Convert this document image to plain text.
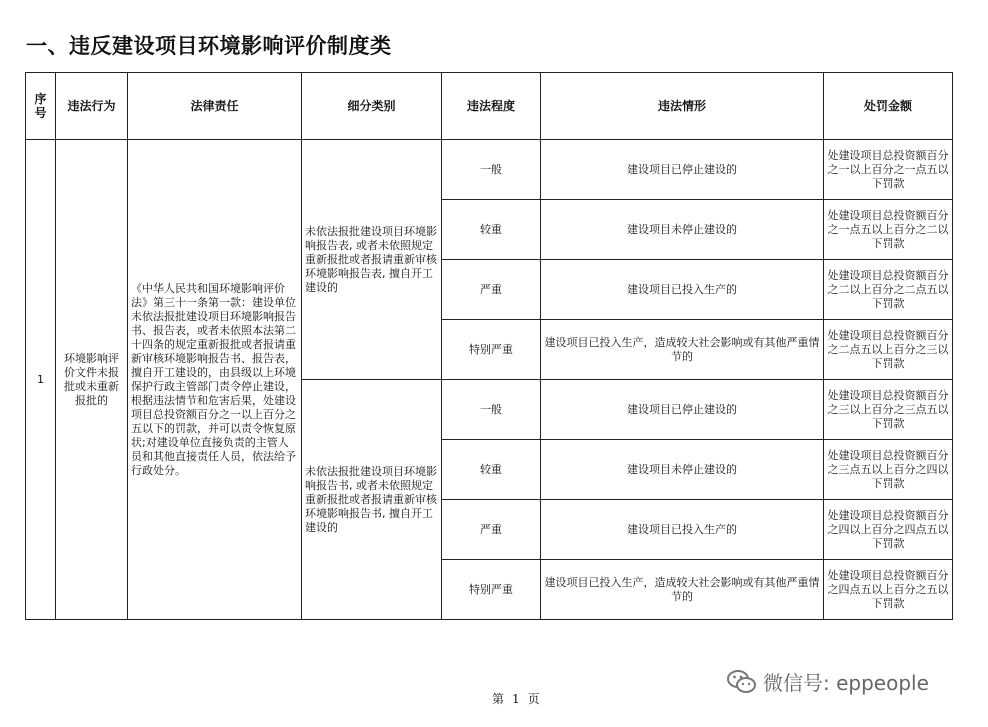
一、违反建设项目环境影响评价制度类
序号	违法行为	法律责任	细分类别	违法程度	违法情形	处罚金额
1	环境影响评价文件未报批或未重新报批的	《中华人民共和国环境影响评价法》第三十一条第一款：建设单位未依法报批建设项目环境影响报告书、报告表，或者未依照本法第二十四条的规定重新报批或者报请重新审核环境影响报告书、报告表，擅自开工建设的，由县级以上环境保护行政主管部门责令停止建设，根据违法情节和危害后果，处建设项目总投资额百分之一以上百分之五以下的罚款，并可以责令恢复原状;对建设单位直接负责的主管人员和其他直接责任人员，依法给予行政处分。	未依法报批建设项目环境影响报告表, 或者未依照规定重新报批或者报请重新审核环境影响报告表, 擅自开工建设的	一般	建设项目已停止建设的	处建设项目总投资额百分之一以上百分之一点五以下罚款
				较重	建设项目未停止建设的	处建设项目总投资额百分之一点五以上百分之二以下罚款
				严重	建设项目已投入生产的	处建设项目总投资额百分之二以上百分之二点五以下罚款
				特别严重	建设项目已投入生产，造成较大社会影响或有其他严重情节的	处建设项目总投资额百分之二点五以上百分之三以下罚款
			未依法报批建设项目环境影响报告书, 或者未依照规定重新报批或者报请重新审核环境影响报告书, 擅自开工建设的	一般	建设项目已停止建设的	处建设项目总投资额百分之三以上百分之三点五以下罚款
				较重	建设项目未停止建设的	处建设项目总投资额百分之三点五以上百分之四以下罚款
				严重	建设项目已投入生产的	处建设项目总投资额百分之四以上百分之四点五以下罚款
				特别严重	建设项目已投入生产，造成较大社会影响或有其他严重情节的	处建设项目总投资额百分之四点五以上百分之五以下罚款
微信号: eppeople
第 1 页
